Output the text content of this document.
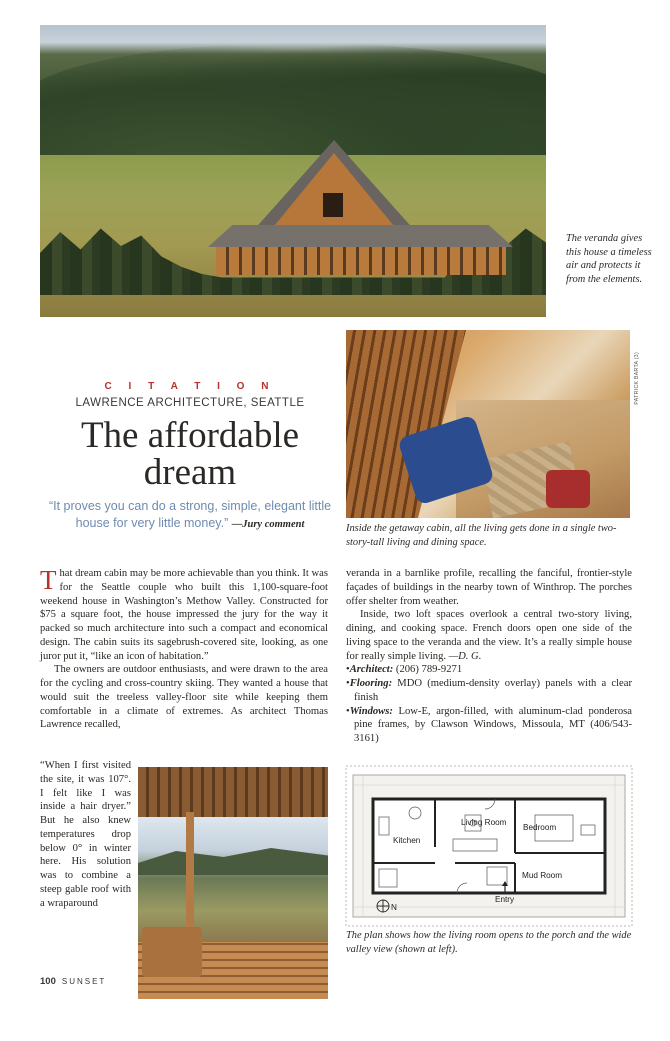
The veranda gives this house a timeless air and protects it from the elements.
C I T A T I O N
LAWRENCE ARCHITECTURE, SEATTLE
The affordable
dream
“It proves you can do a strong, simple, elegant little house for very little money.” —Jury comment
PATRICK BARTA (3)
Inside the getaway cabin, all the living gets done in a single two-story-tall living and dining space.

That dream cabin may be more achievable than you think. It was for the Seattle couple who built this 1,100-square-foot weekend house in Washington’s Methow Valley. Constructed for $75 a square foot, the house impressed the jury for the way it packed so much architecture into such a compact and economical design. The cabin suits its sagebrush-covered site, looking, as one juror put it, “like an icon of habitation.”

The owners are outdoor enthusiasts, and were drawn to the area for the cycling and cross-country skiing. They wanted a house that would suit the treeless valley-floor site while keeping them comfortable in a climate of extremes. As architect Thomas Lawrence recalled,

“When I first visited the site, it was 107°. I felt like I was inside a hair dryer.” But he also knew temperatures drop below 0° in winter here. His solution was to combine a steep gable roof with a wraparound

veranda in a barnlike profile, recalling the fanciful, frontier-style façades of buildings in the nearby town of Winthrop. The porches offer shelter from weather.

Inside, two loft spaces overlook a central two-story living, dining, and cooking space. French doors open one side of the living space to the veranda and the view. It’s a really simple house for really simple living. —D. G.

•Architect: (206) 789-9271

•Flooring: MDO (medium-density overlay) panels with a clear finish

•Windows: Low-E, argon-filled, with aluminum-clad ponderosa pine frames, by Clawson Windows, Missoula, MT (406/543-3161)

Living Room
Bedroom
Kitchen
Mud Room
Entry
N
The plan shows how the living room opens to the porch and the wide valley view (shown at left).
100 SUNSET
